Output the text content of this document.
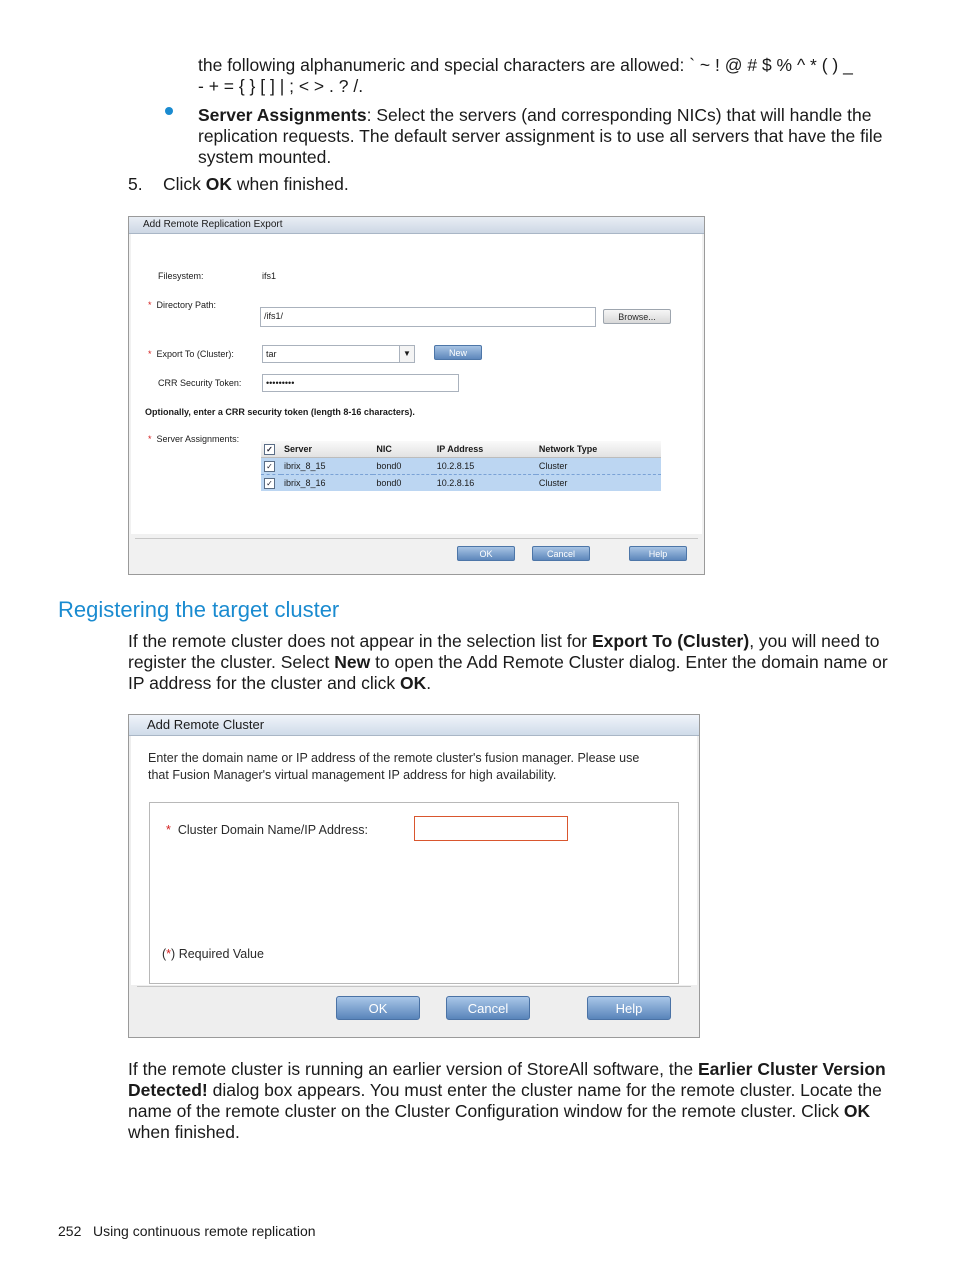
the following alphanumeric and special characters are allowed: ` ~ ! @ # $ % ^ * ( ) _
- + = { } [ ] | ; < > . ? /.
Server Assignments: Select the servers (and corresponding NICs) that will handle the
replication requests. The default server assignment is to use all servers that have the file
system mounted.
5. Click OK when finished.
Add Remote Replication Export
Filesystem:	ifs1
* Directory Path:
/ifs1/	Browse...
* Export To (Cluster):	tar	▼	New
CRR Security Token:	•••••••••
Optionally, enter a CRR security token (length 8-16 characters).
* Server Assignments:
✓	Server	NIC	IP Address	Network Type
✓	ibrix_8_15	bond0	10.2.8.15	Cluster
✓	ibrix_8_16	bond0	10.2.8.16	Cluster
OK	Cancel	Help
Registering the target cluster
If the remote cluster does not appear in the selection list for Export To (Cluster), you will need to
register the cluster. Select New to open the Add Remote Cluster dialog. Enter the domain name or
IP address for the cluster and click OK.
Add Remote Cluster
Enter the domain name or IP address of the remote cluster's fusion manager. Please use
that Fusion Manager's virtual management IP address for high availability.
* Cluster Domain Name/IP Address:
(*) Required Value
OK	Cancel	Help
If the remote cluster is running an earlier version of StoreAll software, the Earlier Cluster Version
Detected! dialog box appears. You must enter the cluster name for the remote cluster. Locate the
name of the remote cluster on the Cluster Configuration window for the remote cluster. Click OK
when finished.
252 Using continuous remote replication
